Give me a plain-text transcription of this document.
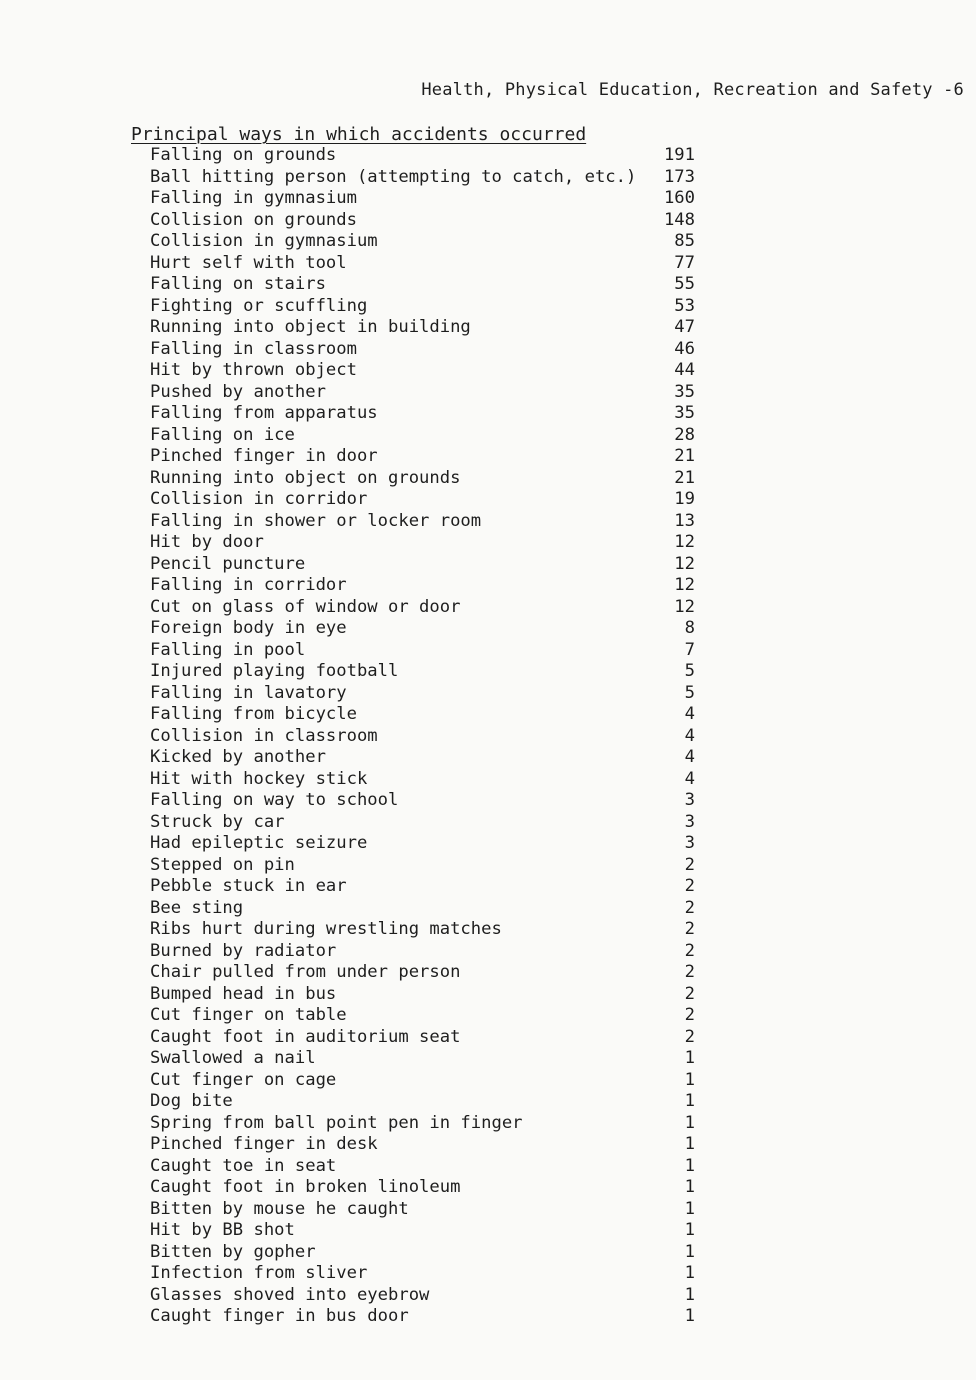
Health, Physical Education, Recreation and Safety -6
Principal ways in which accidents occurred
Falling on grounds	191
Ball hitting person (attempting to catch, etc.) 173
Falling in gymnasium	160
Collision on grounds	148
Collision in gymnasium	85
Hurt self with tool	77
Falling on stairs	55
Fighting or scuffling	53
Running into object in building	47
Falling in classroom	46
Hit by thrown object	44
Pushed by another	35
Falling from apparatus	35
Falling on ice	28
Pinched finger in door	21
Running into object on grounds	21
Collision in corridor	19
Falling in shower or locker room	13
Hit by door	12
Pencil puncture	12
Falling in corridor	12
Cut on glass of window or door	12
Foreign body in eye	8
Falling in pool	7
Injured playing football	5
Falling in lavatory	5
Falling from bicycle	4
Collision in classroom	4
Kicked by another	4
Hit with hockey stick	4
Falling on way to school	3
Struck by car	3
Had epileptic seizure	3
Stepped on pin	2
Pebble stuck in ear	2
Bee sting	2
Ribs hurt during wrestling matches	2
Burned by radiator	2
Chair pulled from under person	2
Bumped head in bus	2
Cut finger on table	2
Caught foot in auditorium seat	2
Swallowed a nail	1
Cut finger on cage	1
Dog bite	1
Spring from ball point pen in finger	1
Pinched finger in desk	1
Caught toe in seat	1
Caught foot in broken linoleum	1
Bitten by mouse he caught	1
Hit by BB shot	1
Bitten by gopher	1
Infection from sliver	1
Glasses shoved into eyebrow	1
Caught finger in bus door	1
